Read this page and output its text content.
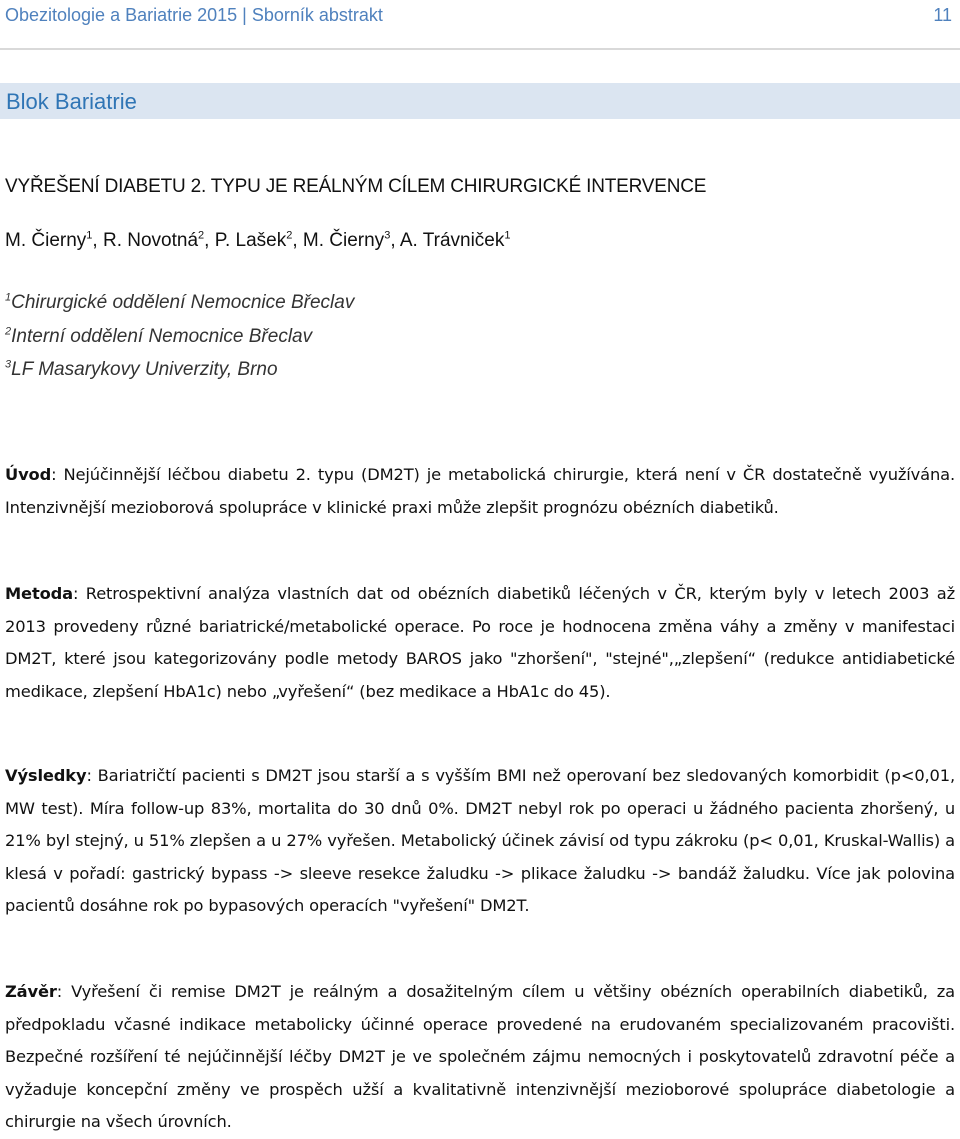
Obezitologie a Bariatrie 2015 | Sborník abstrakt	11
Blok Bariatrie
VYŘEŠENÍ DIABETU 2. TYPU JE REÁLNÝM CÍLEM CHIRURGICKÉ INTERVENCE
M. Čierny$^1$, R. Novotná$^2$, P. Lašek$^2$, M. Čierny$^3$, A. Trávniček$^1$
$^1$Chirurgické oddělení Nemocnice Břeclav
$^2$Interní oddělení Nemocnice Břeclav
$^3$LF Masarykovy Univerzity, Brno

Úvod: Nejúčinnější léčbou diabetu 2. typu (DM2T) je metabolická chirurgie, která není v ČR dostatečně využívána. Intenzivnější mezioborová spolupráce v klinické praxi může zlepšit prognózu obézních diabetiků.

Metoda: Retrospektivní analýza vlastních dat od obézních diabetiků léčených v ČR, kterým byly v letech 2003 až 2013 provedeny různé bariatrické/metabolické operace. Po roce je hodnocena změna váhy a změny v manifestaci DM2T, které jsou kategorizovány podle metody BAROS jako "zhoršení", "stejné",„zlepšení“ (redukce antidiabetické medikace, zlepšení HbA1c) nebo „vyřešení“ (bez medikace a HbA1c do 45).

Výsledky: Bariatričtí pacienti s DM2T jsou starší a s vyšším BMI než operovaní bez sledovaných komorbidit (p<0,01, MW test). Míra follow-up 83%, mortalita do 30 dnů 0%. DM2T nebyl rok po operaci u žádného pacienta zhoršený, u 21% byl stejný, u 51% zlepšen a u 27% vyřešen. Metabolický účinek závisí od typu zákroku (p< 0,01, Kruskal-Wallis) a klesá v pořadí: gastrický bypass -> sleeve resekce žaludku -> plikace žaludku -> bandáž žaludku. Více jak polovina pacientů dosáhne rok po bypasových operacích "vyřešení" DM2T.

Závěr: Vyřešení či remise DM2T je reálným a dosažitelným cílem u většiny obézních operabilních diabetiků, za předpokladu včasné indikace metabolicky účinné operace provedené na erudovaném specializovaném pracovišti. Bezpečné rozšíření té nejúčinnější léčby DM2T je ve společném zájmu nemocných i poskytovatelů zdravotní péče a vyžaduje koncepční změny ve prospěch užší a kvalitativně intenzivnější mezioborové spolupráce diabetologie a chirurgie na všech úrovních.
